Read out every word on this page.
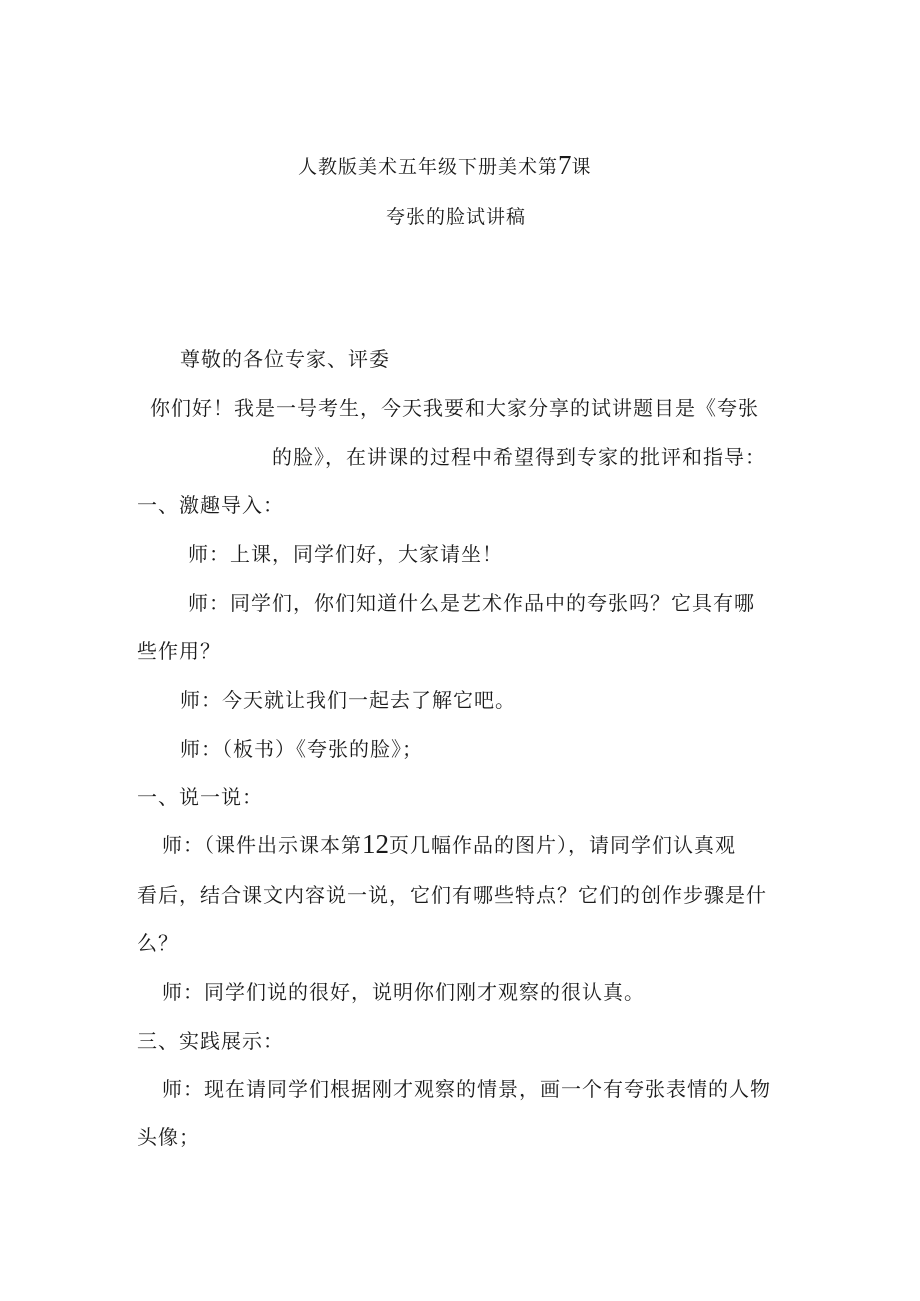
人教版美术五年级下册美术第7课
夸张的脸试讲稿
尊敬的各位专家、评委
你们好！我是一号考生，今天我要和大家分享的试讲题目是《夸张
的脸》，在讲课的过程中希望得到专家的批评和指导：
一、激趣导入：
师：上课，同学们好，大家请坐！
师：同学们，你们知道什么是艺术作品中的夸张吗？它具有哪
些作用？
师：今天就让我们一起去了解它吧。
师：（板书）《夸张的脸》；
一、说一说：
师：（课件出示课本第12页几幅作品的图片），请同学们认真观
看后，结合课文内容说一说，它们有哪些特点？它们的创作步骤是什
么？
师：同学们说的很好，说明你们刚才观察的很认真。
三、实践展示：
师：现在请同学们根据刚才观察的情景，画一个有夸张表情的人物
头像；
